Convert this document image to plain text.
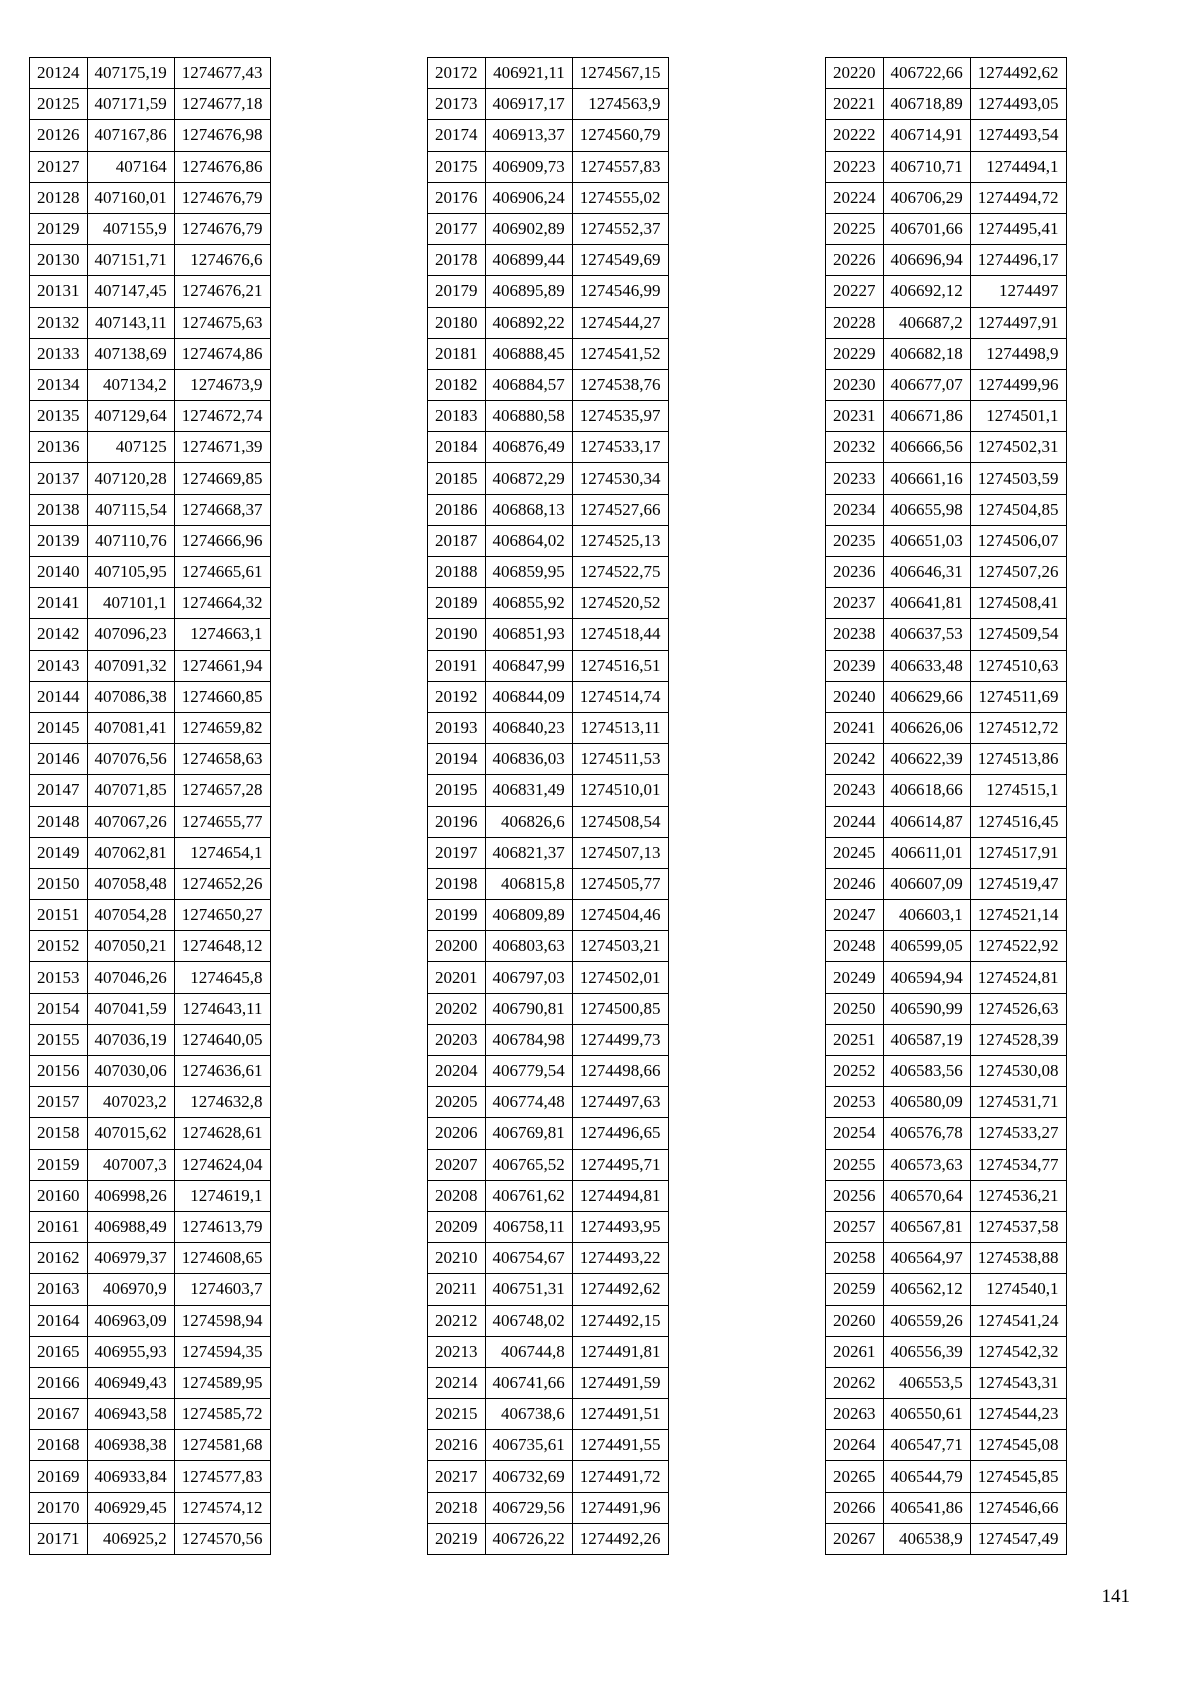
20124	407175,19	1274677,43
20125	407171,59	1274677,18
20126	407167,86	1274676,98
20127	407164	1274676,86
20128	407160,01	1274676,79
20129	407155,9	1274676,79
20130	407151,71	1274676,6
20131	407147,45	1274676,21
20132	407143,11	1274675,63
20133	407138,69	1274674,86
20134	407134,2	1274673,9
20135	407129,64	1274672,74
20136	407125	1274671,39
20137	407120,28	1274669,85
20138	407115,54	1274668,37
20139	407110,76	1274666,96
20140	407105,95	1274665,61
20141	407101,1	1274664,32
20142	407096,23	1274663,1
20143	407091,32	1274661,94
20144	407086,38	1274660,85
20145	407081,41	1274659,82
20146	407076,56	1274658,63
20147	407071,85	1274657,28
20148	407067,26	1274655,77
20149	407062,81	1274654,1
20150	407058,48	1274652,26
20151	407054,28	1274650,27
20152	407050,21	1274648,12
20153	407046,26	1274645,8
20154	407041,59	1274643,11
20155	407036,19	1274640,05
20156	407030,06	1274636,61
20157	407023,2	1274632,8
20158	407015,62	1274628,61
20159	407007,3	1274624,04
20160	406998,26	1274619,1
20161	406988,49	1274613,79
20162	406979,37	1274608,65
20163	406970,9	1274603,7
20164	406963,09	1274598,94
20165	406955,93	1274594,35
20166	406949,43	1274589,95
20167	406943,58	1274585,72
20168	406938,38	1274581,68
20169	406933,84	1274577,83
20170	406929,45	1274574,12
20171	406925,2	1274570,56
20172	406921,11	1274567,15
20173	406917,17	1274563,9
20174	406913,37	1274560,79
20175	406909,73	1274557,83
20176	406906,24	1274555,02
20177	406902,89	1274552,37
20178	406899,44	1274549,69
20179	406895,89	1274546,99
20180	406892,22	1274544,27
20181	406888,45	1274541,52
20182	406884,57	1274538,76
20183	406880,58	1274535,97
20184	406876,49	1274533,17
20185	406872,29	1274530,34
20186	406868,13	1274527,66
20187	406864,02	1274525,13
20188	406859,95	1274522,75
20189	406855,92	1274520,52
20190	406851,93	1274518,44
20191	406847,99	1274516,51
20192	406844,09	1274514,74
20193	406840,23	1274513,11
20194	406836,03	1274511,53
20195	406831,49	1274510,01
20196	406826,6	1274508,54
20197	406821,37	1274507,13
20198	406815,8	1274505,77
20199	406809,89	1274504,46
20200	406803,63	1274503,21
20201	406797,03	1274502,01
20202	406790,81	1274500,85
20203	406784,98	1274499,73
20204	406779,54	1274498,66
20205	406774,48	1274497,63
20206	406769,81	1274496,65
20207	406765,52	1274495,71
20208	406761,62	1274494,81
20209	406758,11	1274493,95
20210	406754,67	1274493,22
20211	406751,31	1274492,62
20212	406748,02	1274492,15
20213	406744,8	1274491,81
20214	406741,66	1274491,59
20215	406738,6	1274491,51
20216	406735,61	1274491,55
20217	406732,69	1274491,72
20218	406729,56	1274491,96
20219	406726,22	1274492,26
20220	406722,66	1274492,62
20221	406718,89	1274493,05
20222	406714,91	1274493,54
20223	406710,71	1274494,1
20224	406706,29	1274494,72
20225	406701,66	1274495,41
20226	406696,94	1274496,17
20227	406692,12	1274497
20228	406687,2	1274497,91
20229	406682,18	1274498,9
20230	406677,07	1274499,96
20231	406671,86	1274501,1
20232	406666,56	1274502,31
20233	406661,16	1274503,59
20234	406655,98	1274504,85
20235	406651,03	1274506,07
20236	406646,31	1274507,26
20237	406641,81	1274508,41
20238	406637,53	1274509,54
20239	406633,48	1274510,63
20240	406629,66	1274511,69
20241	406626,06	1274512,72
20242	406622,39	1274513,86
20243	406618,66	1274515,1
20244	406614,87	1274516,45
20245	406611,01	1274517,91
20246	406607,09	1274519,47
20247	406603,1	1274521,14
20248	406599,05	1274522,92
20249	406594,94	1274524,81
20250	406590,99	1274526,63
20251	406587,19	1274528,39
20252	406583,56	1274530,08
20253	406580,09	1274531,71
20254	406576,78	1274533,27
20255	406573,63	1274534,77
20256	406570,64	1274536,21
20257	406567,81	1274537,58
20258	406564,97	1274538,88
20259	406562,12	1274540,1
20260	406559,26	1274541,24
20261	406556,39	1274542,32
20262	406553,5	1274543,31
20263	406550,61	1274544,23
20264	406547,71	1274545,08
20265	406544,79	1274545,85
20266	406541,86	1274546,66
20267	406538,9	1274547,49
141
